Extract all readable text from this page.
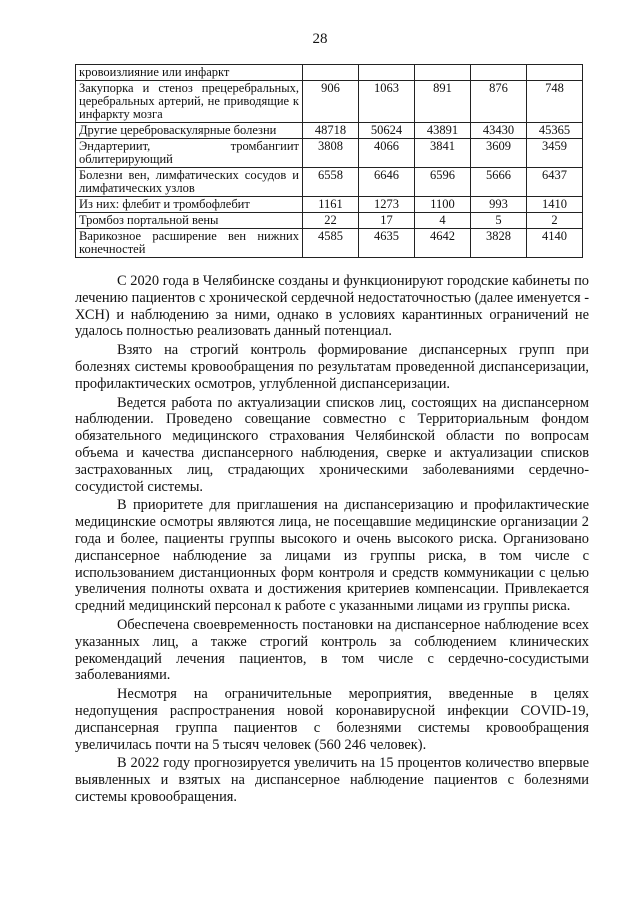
28
кровоизлияние или инфаркт					
Закупорка и стеноз прецеребральных, церебральных артерий, не приводящие к инфаркту мозга	906	1063	891	876	748
Другие цереброваскулярные болезни	48718	50624	43891	43430	45365
Эндартериит, тромбангиит облитерирующий	3808	4066	3841	3609	3459
Болезни вен, лимфатических сосудов и лимфатических узлов	6558	6646	6596	5666	6437
Из них: флебит и тромбофлебит	1161	1273	1100	993	1410
Тромбоз портальной вены	22	17	4	5	2
Варикозное расширение вен нижних конечностей	4585	4635	4642	3828	4140

С 2020 года в Челябинске созданы и функционируют городские кабинеты по лечению пациентов с хронической сердечной недостаточностью (далее именуется - ХСН) и наблюдению за ними, однако в условиях карантинных ограничений не удалось полностью реализовать данный потенциал.

Взято на строгий контроль формирование диспансерных групп при болезнях системы кровообращения по результатам проведенной диспансеризации, профилактических осмотров, углубленной диспансеризации.

Ведется работа по актуализации списков лиц, состоящих на диспансерном наблюдении. Проведено совещание совместно с Территориальным фондом обязательного медицинского страхования Челябинской области по вопросам объема и качества диспансерного наблюдения, сверке и актуализации списков застрахованных лиц, страдающих хроническими заболеваниями сердечно-сосудистой системы.

В приоритете для приглашения на диспансеризацию и профилактические медицинские осмотры являются лица, не посещавшие медицинские организации 2 года и более, пациенты группы высокого и очень высокого риска. Организовано диспансерное наблюдение за лицами из группы риска, в том числе с использованием дистанционных форм контроля и средств коммуникации с целью увеличения полноты охвата и достижения критериев компенсации. Привлекается средний медицинский персонал к работе с указанными лицами из группы риска.

Обеспечена своевременность постановки на диспансерное наблюдение всех указанных лиц, а также строгий контроль за соблюдением клинических рекомендаций лечения пациентов, в том числе с сердечно-сосудистыми заболеваниями.

Несмотря на ограничительные мероприятия, введенные в целях недопущения распространения новой коронавирусной инфекции COVID-19, диспансерная группа пациентов с болезнями системы кровообращения увеличилась почти на 5 тысяч человек (560 246 человек).

В 2022 году прогнозируется увеличить на 15 процентов количество впервые выявленных и взятых на диспансерное наблюдение пациентов с болезнями системы кровообращения.
